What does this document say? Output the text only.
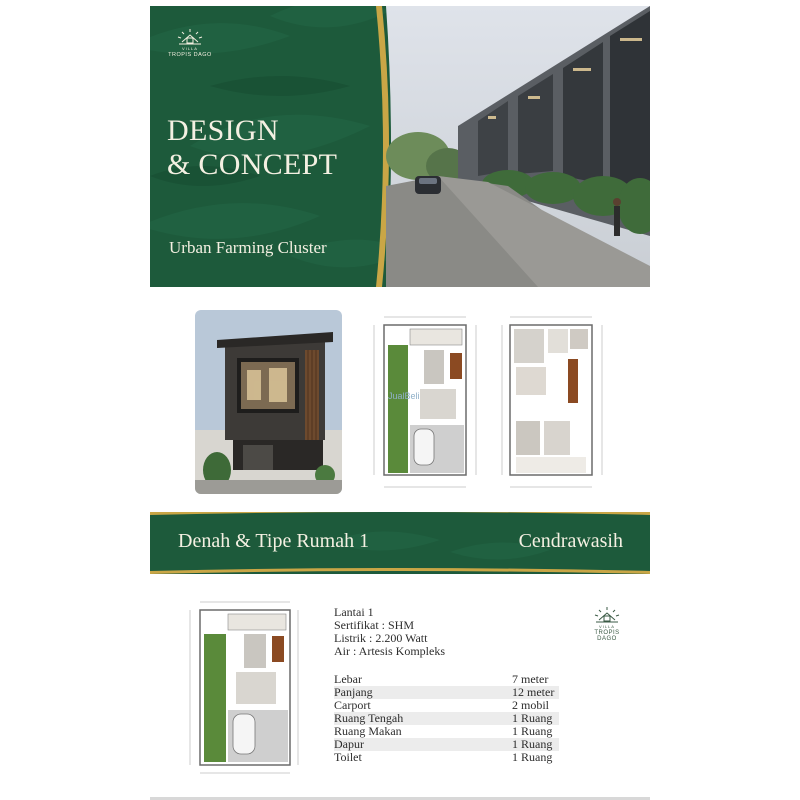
VILLA
TROPIS DAGO
DESIGN
& CONCEPT
Urban Farming Cluster
JualBeli
Denah & Tipe Rumah 1	Cendrawasih
Lantai 1
Sertifikat : SHM
Listrik : 2.200 Watt
Air : Artesis Kompleks
VILLA
TROPIS DAGO
Lebar	7 meter
Panjang	12 meter
Carport	2 mobil
Ruang Tengah	1 Ruang
Ruang Makan	1 Ruang
Dapur	1 Ruang
Toilet	1 Ruang
